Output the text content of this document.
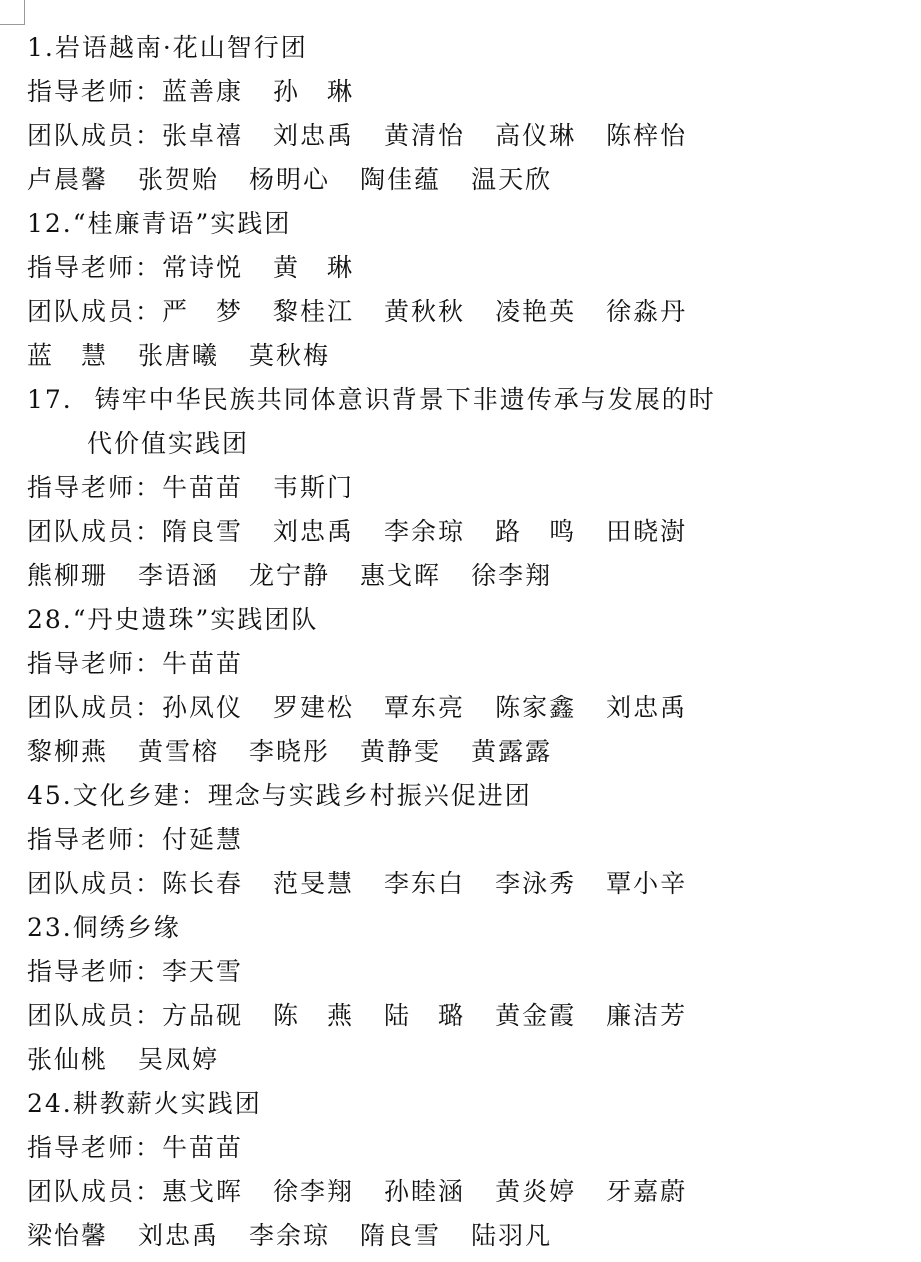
1.岩语越南·花山智行团
指导老师：蓝善康 孙　琳
团队成员：张卓禧 刘忠禹 黄清怡 高仪琳 陈梓怡
卢晨馨 张贺贻 杨明心 陶佳蕴 温天欣
12.“桂廉青语”实践团
指导老师：常诗悦 黄　琳
团队成员：严　梦 黎桂江 黄秋秋 凌艳英 徐淼丹
蓝　慧 张唐曦 莫秋梅
17. 铸牢中华民族共同体意识背景下非遗传承与发展的时
代价值实践团
指导老师：牛苗苗 韦斯门
团队成员：隋良雪 刘忠禹 李余琼 路　鸣 田晓澍
熊柳珊 李语涵 龙宁静 惠戈晖 徐李翔
28.“丹史遗珠”实践团队
指导老师：牛苗苗
团队成员：孙凤仪 罗建松 覃东亮 陈家鑫 刘忠禹
黎柳燕 黄雪榕 李晓彤 黄静雯 黄露露
45.文化乡建：理念与实践乡村振兴促进团
指导老师：付延慧
团队成员：陈长春 范旻慧 李东白 李泳秀 覃小辛
23.侗绣乡缘
指导老师：李天雪
团队成员：方品砚 陈　燕 陆　璐 黄金霞 廉洁芳
张仙桃 吴凤婷
24.耕教薪火实践团
指导老师：牛苗苗
团队成员：惠戈晖 徐李翔 孙睦涵 黄炎婷 牙嘉蔚
梁怡馨 刘忠禹 李余琼 隋良雪 陆羽凡
